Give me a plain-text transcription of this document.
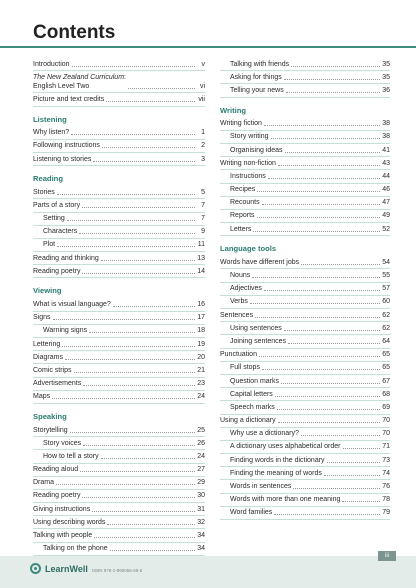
Contents
Introduction	v
The New Zealand Curriculum:
English Level Two	vi
Picture and text credits	vii
Listening
Why listen?	1
Following instructions	2
Listening to stories	3
Reading
Stories	5
Parts of a story	7
Setting	7
Characters	9
Plot	11
Reading and thinking	13
Reading poetry	14
Viewing
What is visual language?	16
Signs	17
Warning signs	18
Lettering	19
Diagrams	20
Comic strips	21
Advertisements	23
Maps	24
Speaking
Storytelling	25
Story voices	26
How to tell a story	24
Reading aloud	27
Drama	29
Reading poetry	30
Giving instructions	31
Using describing words	32
Talking with people	34
Talking on the phone	34
Talking with friends	35
Asking for things	35
Telling your news	36
Writing
Writing fiction	38
Story writing	38
Organising ideas	41
Writing non-fiction	43
Instructions	44
Recipes	46
Recounts	47
Reports	49
Letters	52
Language tools
Words have different jobs	54
Nouns	55
Adjectives	57
Verbs	60
Sentences	62
Using sentences	62
Joining sentences	64
Punctuation	65
Full stops	65
Question marks	67
Capital letters	68
Speech marks	69
Using a dictionary	70
Why use a dictionary?	70
A dictionary uses alphabetical order	71
Finding words in the dictionary	73
Finding the meaning of words	74
Words in sentences	76
Words with more than one meaning	78
Word families	79
iii
LearnWell ISBN 978-1-990055-65-6
